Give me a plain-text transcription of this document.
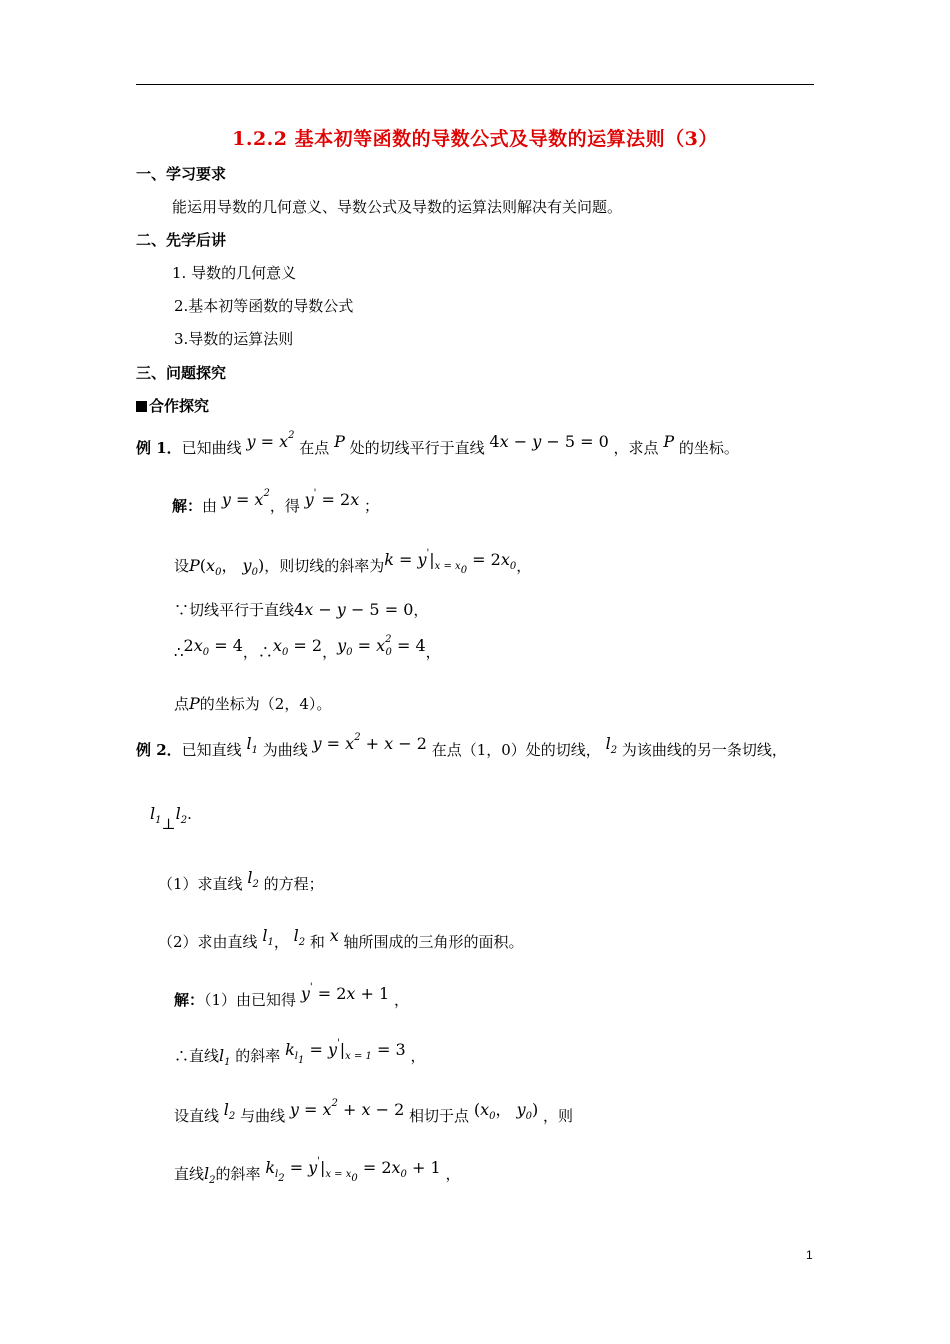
1.2.2 基本初等函数的导数公式及导数的运算法则（3）
一、学习要求
能运用导数的几何意义、导数公式及导数的运算法则解决有关问题。
二、先学后讲
1. 导数的几何意义
2.基本初等函数的导数公式
3.导数的运算法则
三、问题探究
合作探究
例 1．已知曲线 $y = x^2$ 在点 P 处的切线平行于直线 4x − y − 5 = 0 ，求点 P 的坐标。
解：由 $y = x^2$，得 y' = 2x ；
设$P(x_0$， $y_0$)，则切线的斜率为$k = y'|_{x = x_0} = 2x_0$，
∵切线平行于直线4x − y − 5 = 0，
$\therefore 2x_0 = 4$，$\therefore x_0 = 2$，$y_0 = x^2_0 = 4$，
点P的坐标为（2，4）。
例 2．已知直线 $l_1$ 为曲线 $y = x^2 + x - 2$ 在点（1，0）处的切线， $l_2$ 为该曲线的另一条切线，
$l_1\perp l_2$.
（1）求直线 $l_2$ 的方程；
（2）求由直线 $l_1$， $l_2$ 和 x 轴所围成的三角形的面积。
解：（1）由已知得 y' = 2x + 1 ，
∴直线$l_1$ 的斜率 $k_{l_1} = y'|_{x = 1} = 3$ ，
设直线 $l_2$ 与曲线 $y = x^2 + x - 2$ 相切于点 ($x_0$， $y_0$) ，则
直线$l_2$的斜率 $k_{l_2} = y'|_{x = x_0} = 2x_0 + 1$ ，
1
